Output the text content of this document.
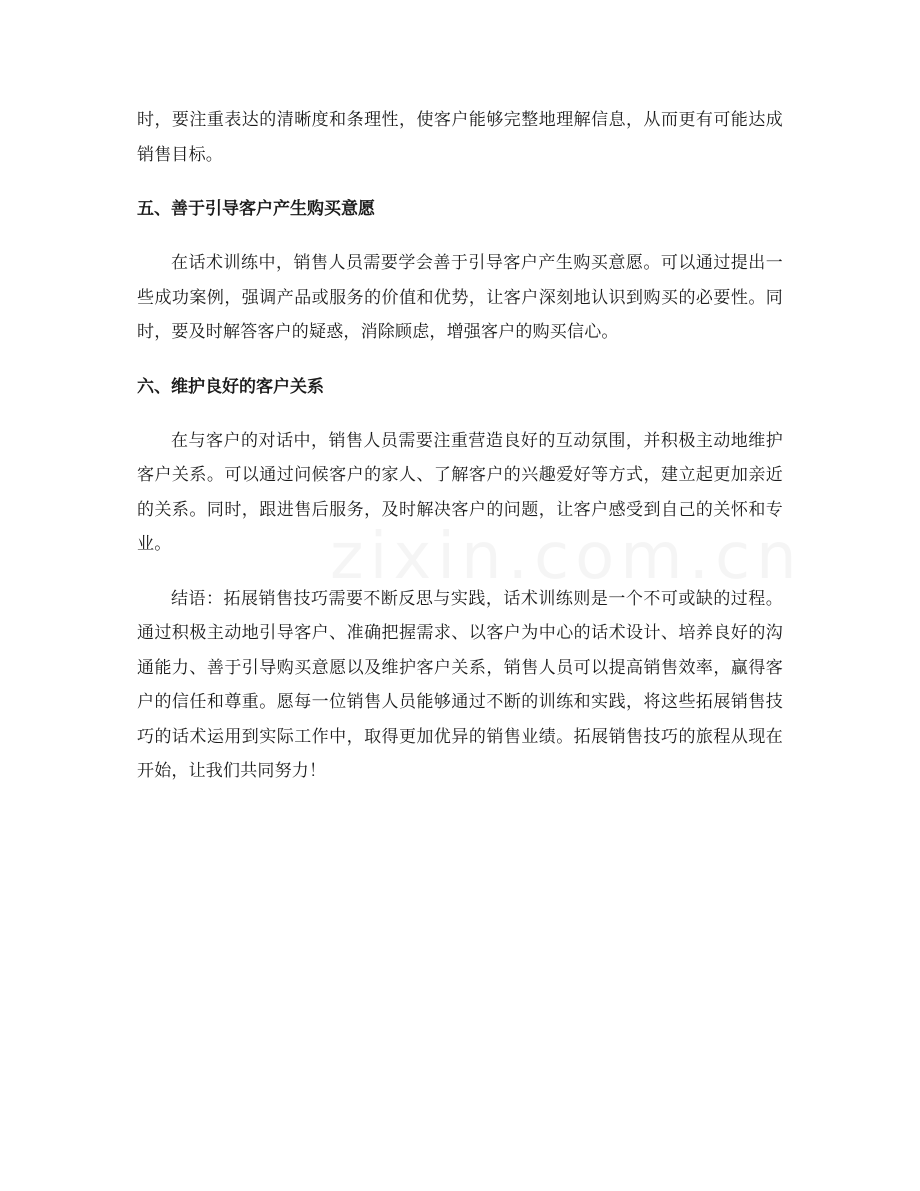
时，要注重表达的清晰度和条理性，使客户能够完整地理解信息，从而更有可能达成销售目标。

五、善于引导客户产生购买意愿

在话术训练中，销售人员需要学会善于引导客户产生购买意愿。可以通过提出一些成功案例，强调产品或服务的价值和优势，让客户深刻地认识到购买的必要性。同时，要及时解答客户的疑惑，消除顾虑，增强客户的购买信心。

六、维护良好的客户关系

在与客户的对话中，销售人员需要注重营造良好的互动氛围，并积极主动地维护客户关系。可以通过问候客户的家人、了解客户的兴趣爱好等方式，建立起更加亲近的关系。同时，跟进售后服务，及时解决客户的问题，让客户感受到自己的关怀和专业。

结语：拓展销售技巧需要不断反思与实践，话术训练则是一个不可或缺的过程。通过积极主动地引导客户、准确把握需求、以客户为中心的话术设计、培养良好的沟通能力、善于引导购买意愿以及维护客户关系，销售人员可以提高销售效率，赢得客户的信任和尊重。愿每一位销售人员能够通过不断的训练和实践，将这些拓展销售技巧的话术运用到实际工作中，取得更加优异的销售业绩。拓展销售技巧的旅程从现在开始，让我们共同努力！
